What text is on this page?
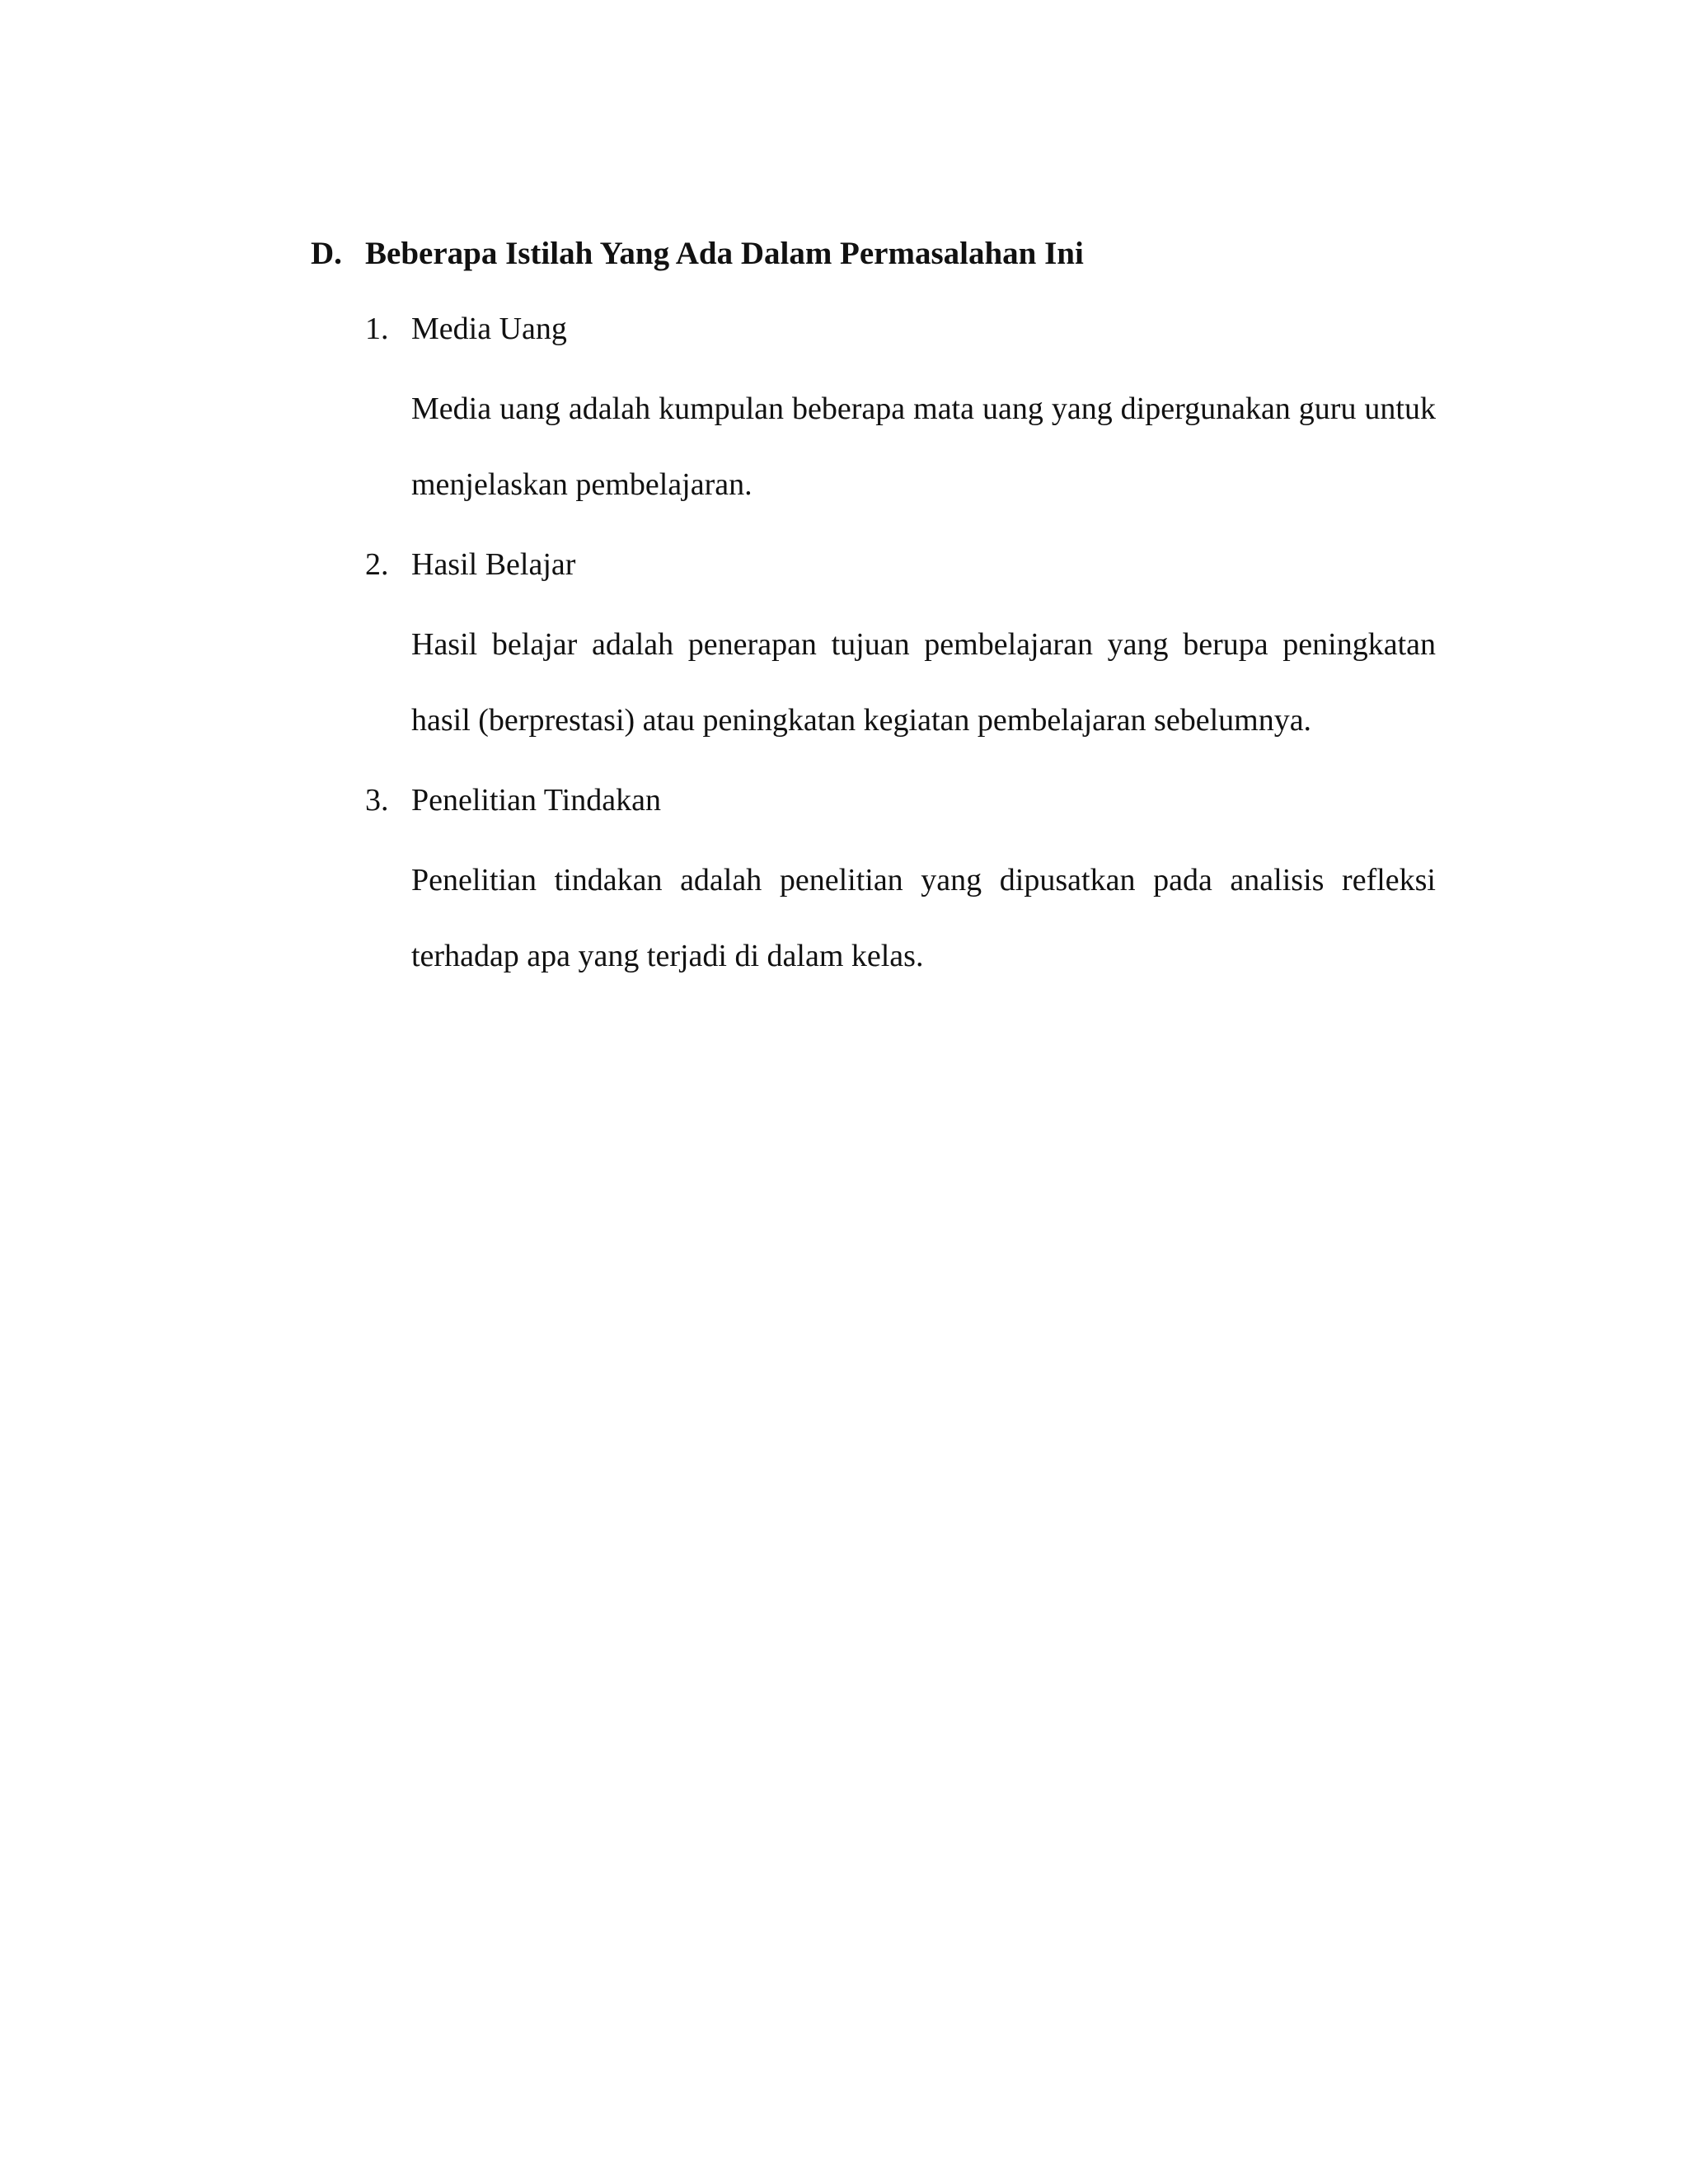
D. Beberapa Istilah Yang Ada Dalam Permasalahan Ini
1. Media Uang

Media uang adalah kumpulan beberapa mata uang yang dipergunakan guru untuk menjelaskan pembelajaran.

2. Hasil Belajar

Hasil belajar adalah penerapan tujuan pembelajaran yang berupa peningkatan hasil (berprestasi) atau peningkatan kegiatan pembelajaran sebelumnya.

3. Penelitian Tindakan

Penelitian tindakan adalah penelitian yang dipusatkan pada analisis refleksi terhadap apa yang terjadi di dalam kelas.
